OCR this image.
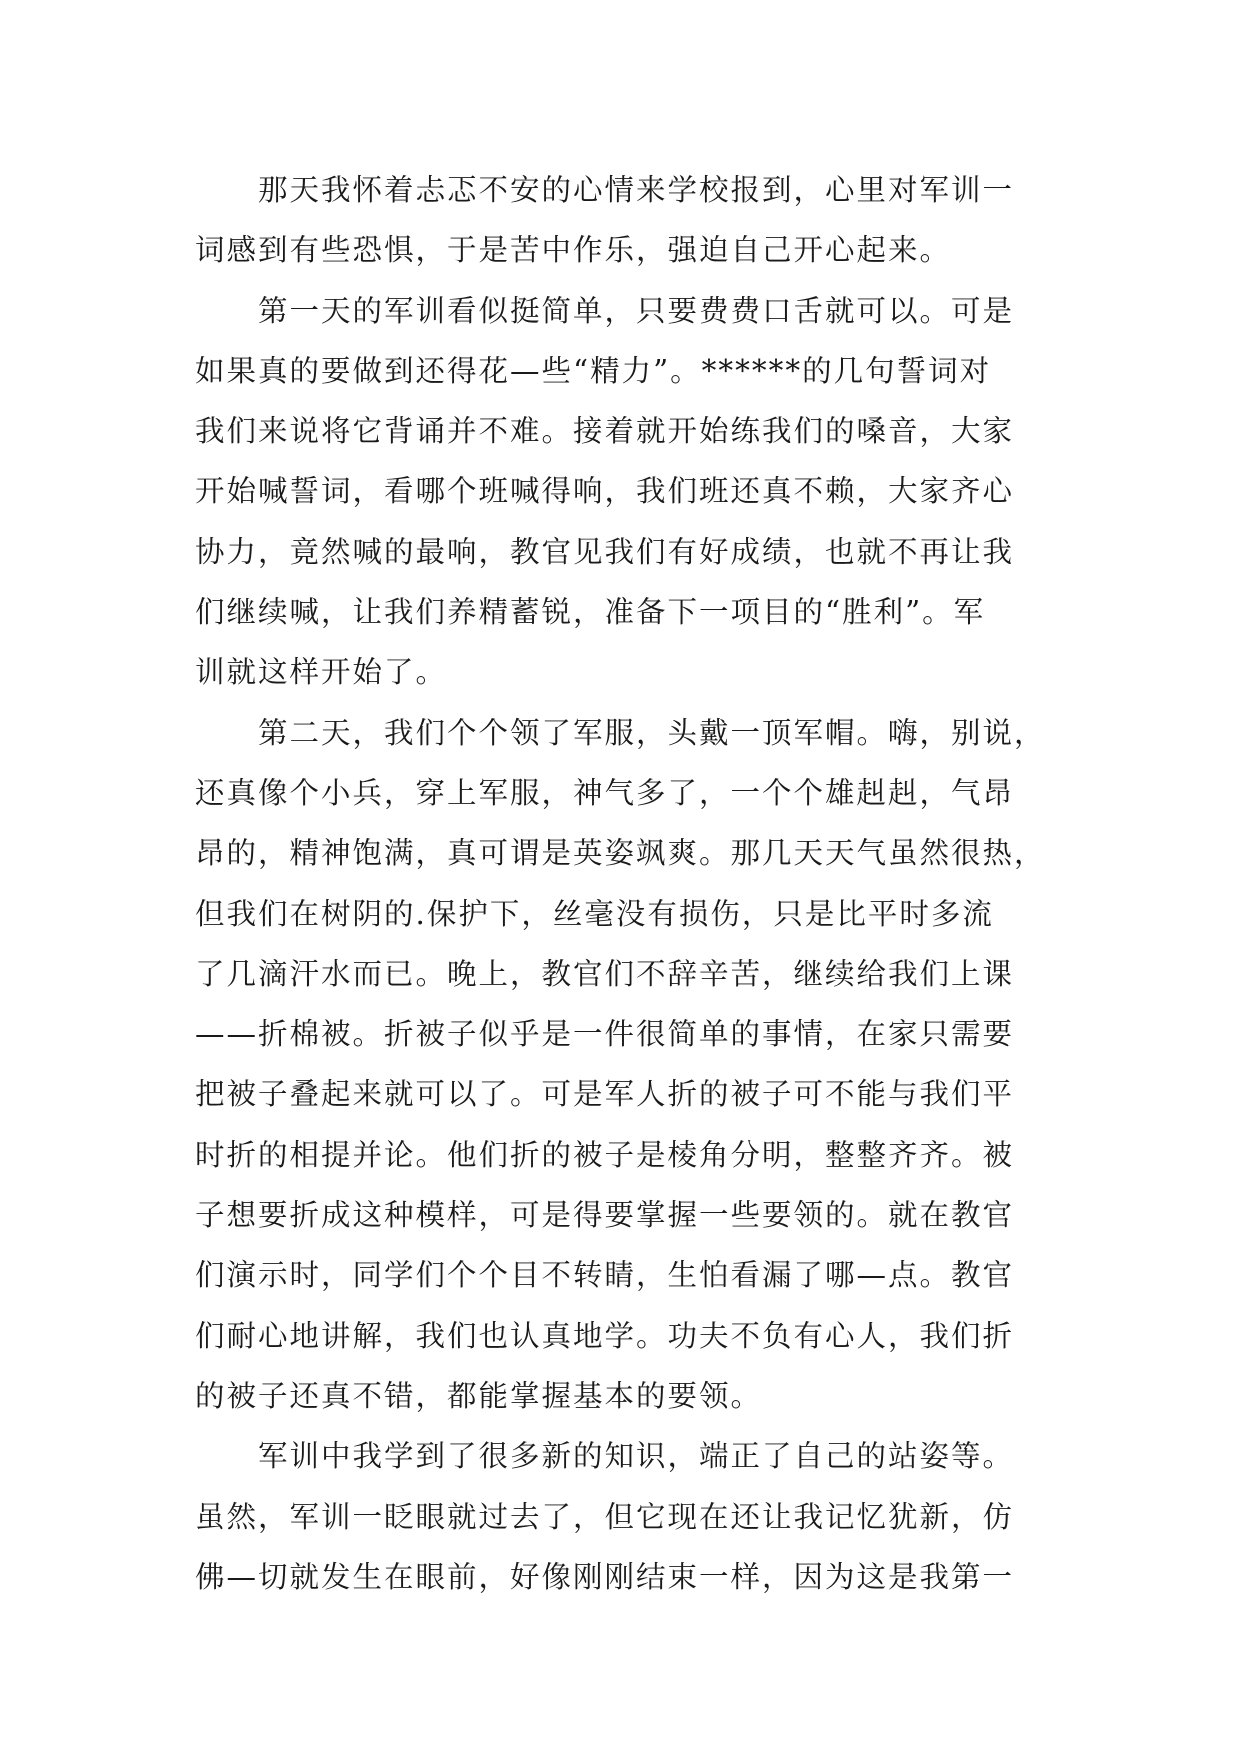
　　那天我怀着忐忑不安的心情来学校报到，心里对军训一
词感到有些恐惧，于是苦中作乐，强迫自己开心起来。
　　第一天的军训看似挺简单，只要费费口舌就可以。可是
如果真的要做到还得花—些“精力”。******的几句誓词对
我们来说将它背诵并不难。接着就开始练我们的嗓音，大家
开始喊誓词，看哪个班喊得响，我们班还真不赖，大家齐心
协力，竟然喊的最响，教官见我们有好成绩，也就不再让我
们继续喊，让我们养精蓄锐，准备下一项目的“胜利”。军
训就这样开始了。
　　第二天，我们个个领了军服，头戴一顶军帽。嗨，别说，
还真像个小兵，穿上军服，神气多了，一个个雄赳赳，气昂
昂的，精神饱满，真可谓是英姿飒爽。那几天天气虽然很热，
但我们在树阴的.保护下，丝毫没有损伤，只是比平时多流
了几滴汗水而已。晚上，教官们不辞辛苦，继续给我们上课
——折棉被。折被子似乎是一件很简单的事情，在家只需要
把被子叠起来就可以了。可是军人折的被子可不能与我们平
时折的相提并论。他们折的被子是棱角分明，整整齐齐。被
子想要折成这种模样，可是得要掌握一些要领的。就在教官
们演示时，同学们个个目不转睛，生怕看漏了哪—点。教官
们耐心地讲解，我们也认真地学。功夫不负有心人，我们折
的被子还真不错，都能掌握基本的要领。
　　军训中我学到了很多新的知识，端正了自己的站姿等。
虽然，军训一眨眼就过去了，但它现在还让我记忆犹新，仿
佛—切就发生在眼前，好像刚刚结束一样，因为这是我第一
